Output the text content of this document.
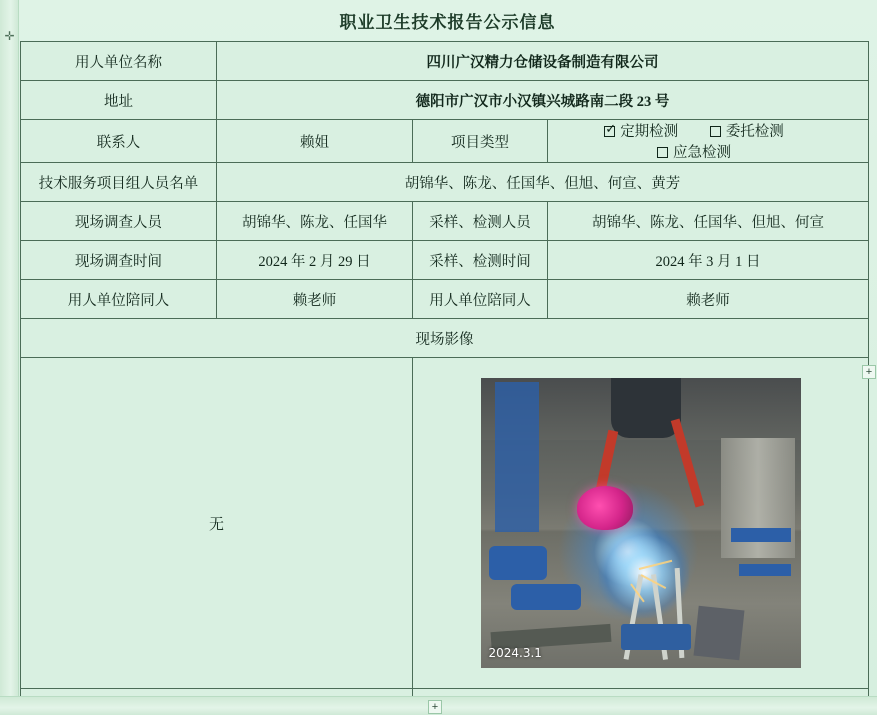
✛
职业卫生技术报告公示信息
用人单位名称	四川广汉精力仓储设备制造有限公司		
地址	德阳市广汉市小汉镇兴城路南二段 23 号		
联系人	赖姐	项目类型	✓定期检测 委托检测 应急检测
技术服务项目组人员名单	胡锦华、陈龙、任国华、但旭、何宣、黄芳		
现场调查人员	胡锦华、陈龙、任国华	采样、检测人员	胡锦华、陈龙、任国华、但旭、何宣
现场调查时间	2024 年 2 月 29 日	采样、检测时间	2024 年 3 月 1 日
用人单位陪同人	赖老师	用人单位陪同人	赖老师
现场影像			

无		2024.3.1	

+
+
